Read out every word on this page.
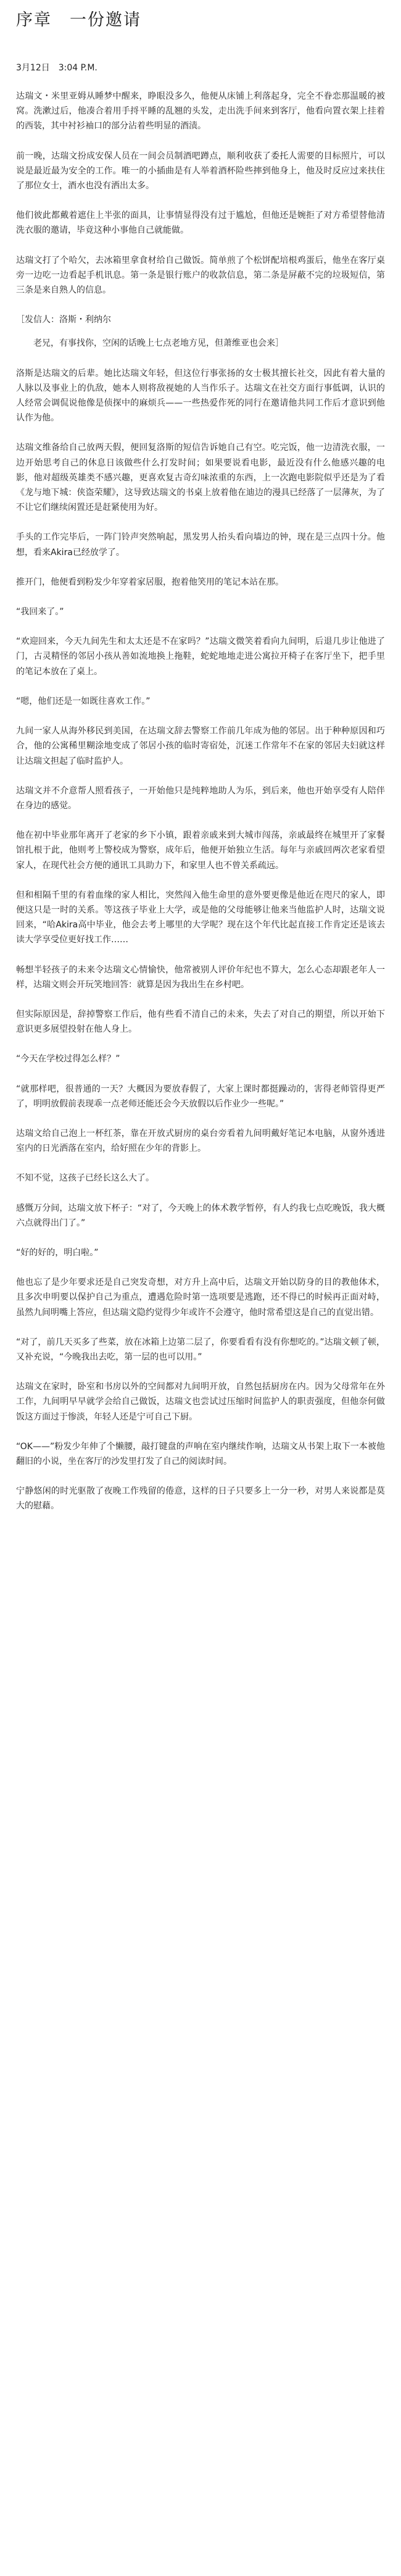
序章　一份邀请

3月12日　3:04 P.M.

达瑞文・米里亚姆从睡梦中醒来，睁眼没多久，他便从床铺上利落起身，完全不眷恋那温暖的被窝。洗漱过后，他凑合着用手捋平睡的乱翘的头发，走出洗手间来到客厅，他看向置衣架上挂着的西装，其中衬衫袖口的部分沾着些明显的酒渍。

前一晚，达瑞文扮成安保人员在一间会员制酒吧蹲点，顺利收获了委托人需要的目标照片，可以说是最近最为安全的工作。唯一的小插曲是有人举着酒杯险些摔到他身上，他及时反应过来扶住了那位女士，酒水也没有洒出太多。

他们彼此都戴着遮住上半张的面具，让事情显得没有过于尴尬，但他还是婉拒了对方希望替他清洗衣服的邀请，毕竟这种小事他自己就能做。

达瑞文打了个哈欠，去冰箱里拿食材给自己做饭。简单煎了个松饼配培根鸡蛋后，他坐在客厅桌旁一边吃一边看起手机讯息。第一条是银行账户的收款信息，第二条是屏蔽不完的垃圾短信，第三条是来自熟人的信息。

［发信人：洛斯・利纳尔

老兄，有事找你，空闲的话晚上七点老地方见，但萧维亚也会来］

洛斯是达瑞文的后辈。她比达瑞文年轻，但这位行事张扬的女士极其擅长社交，因此有着大量的人脉以及事业上的仇敌，她本人则将敌视她的人当作乐子。达瑞文在社交方面行事低调，认识的人经常会调侃说他像是侦探中的麻烦兵——一些热爱作死的同行在邀请他共同工作后才意识到他认作为他。

达瑞文维备给自己放两天假，便回复洛斯的短信告诉她自己有空。吃完饭，他一边清洗衣服，一边开始思考自己的休息日该做些什么打发时间；如果要说看电影，最近没有什么他感兴趣的电影，他对超级英雄类不感兴趣，更喜欢复古奇幻味浓重的东西，上一次跑电影院似乎还是为了看《龙与地下城：侠盗荣耀》，这导致达瑞文的书桌上放着他在迪边的漫具已经落了一层薄灰，为了不让它们继续闲置还是赶紧使用为好。

手头的工作完毕后，一阵门铃声突然响起，黑发男人抬头看向墙边的钟，现在是三点四十分。他想，看来Akira已经放学了。

推开门，他便看到粉发少年穿着家居服，抱着他笑用的笔记本站在那。

“我回来了。”

“欢迎回来，今天九间先生和太太还是不在家吗？”达瑞文微笑着看向九间明，后退几步让他进了门，古灵精怪的邻居小孩从善如流地换上拖鞋，蛇蛇地地走进公寓拉开椅子在客厅坐下，把手里的笔记本放在了桌上。

“嗯，他们还是一如既往喜欢工作。”

九间一家人从海外移民到美国，在达瑞文辞去警察工作前几年成为他的邻居。出于种种原因和巧合，他的公寓稀里糊涂地变成了邻居小孩的临时寄宿处，沉迷工作常年不在家的邻居夫妇就这样让达瑞文担起了临时监护人。

达瑞文并不介意帮人照看孩子，一开始他只是纯粹地助人为乐，到后来，他也开始享受有人陪伴在身边的感觉。

他在初中毕业那年离开了老家的乡下小镇，跟着亲戚来到大城市闯荡，亲戚最终在城里开了家餐馆扎根于此，他则考上警校成为警察，成年后，他便开始独立生活。每年与亲戚回两次老家看望家人，在现代社会方便的通讯工具助力下，和家里人也不曾关系疏远。

但和相隔千里的有着血缘的家人相比，突然闯入他生命里的意外要更像是他近在咫尺的家人，即便这只是一时的关系。等这孩子毕业上大学，或是他的父母能够让他来当他监护人时，达瑞文说回来，“哈Akira高中毕业，他会去考上哪里的大学呢？现在这个年代比起直接工作肯定还是该去读大学享受位更好找工作……

畅想半轻孩子的未来令达瑞文心情愉快，他常被别人评价年纪也不算大，怎么心态却跟老年人一样，达瑞文则会开玩笑地回答：就算是因为我出生在乡村吧。

但实际原因是，辞掉警察工作后，他有些看不清自己的未来，失去了对自己的期望，所以开始下意识更多展望投射在他人身上。

“今天在学校过得怎么样？”

“就那样吧，很普通的一天？大概因为要放春假了，大家上课时都挺躁动的，害得老师管得更严了，明明放假前表现乖一点老师还能还会今天放假以后作业少一些呢。”

达瑞文给自己泡上一杯红茶，靠在开放式厨房的桌台旁看着九间明戴好笔记本电脑，从窗外透进室内的日光洒落在室内，给好照在少年的背影上。

不知不觉，这孩子已经长这么大了。

感慨万分间，达瑞文放下杯子：“对了，今天晚上的体术教学暂停，有人约我七点吃晚饭，我大概六点就得出门了。”

“好的好的，明白啦。”

他也忘了是少年要求还是自己突发奇想，对方升上高中后，达瑞文开始以防身的目的教他体术，且多次申明要以保护自己为重点，遭遇危险时第一选项要是逃跑，还不得已的时候再正面对峙，虽然九间明嘴上答应，但达瑞文隐约觉得少年或许不会遵守，他时常希望这是自己的直觉出错。

“对了，前几天买多了些菜，放在冰箱上边第二层了，你要看看有没有你想吃的。”达瑞文顿了顿，又补充说，“今晚我出去吃，第一层的也可以用。”

达瑞文在家时，卧室和书房以外的空间都对九间明开放，自然包括厨房在内。因为父母常年在外工作，九间明早早就学会给自己做饭，达瑞文也尝试过压缩时间监护人的职责强度，但他奈何做饭这方面过于惨淡，年轻人还是宁可自己下厨。

“OK——”粉发少年伸了个懒腰，敲打键盘的声响在室内继续作响，达瑞文从书架上取下一本被他翻旧的小说，坐在客厅的沙发里打发了自己的阅读时间。

宁静悠闲的时光驱散了夜晚工作残留的倦意，这样的日子只要多上一分一秒，对男人来说都是莫大的慰藉。
